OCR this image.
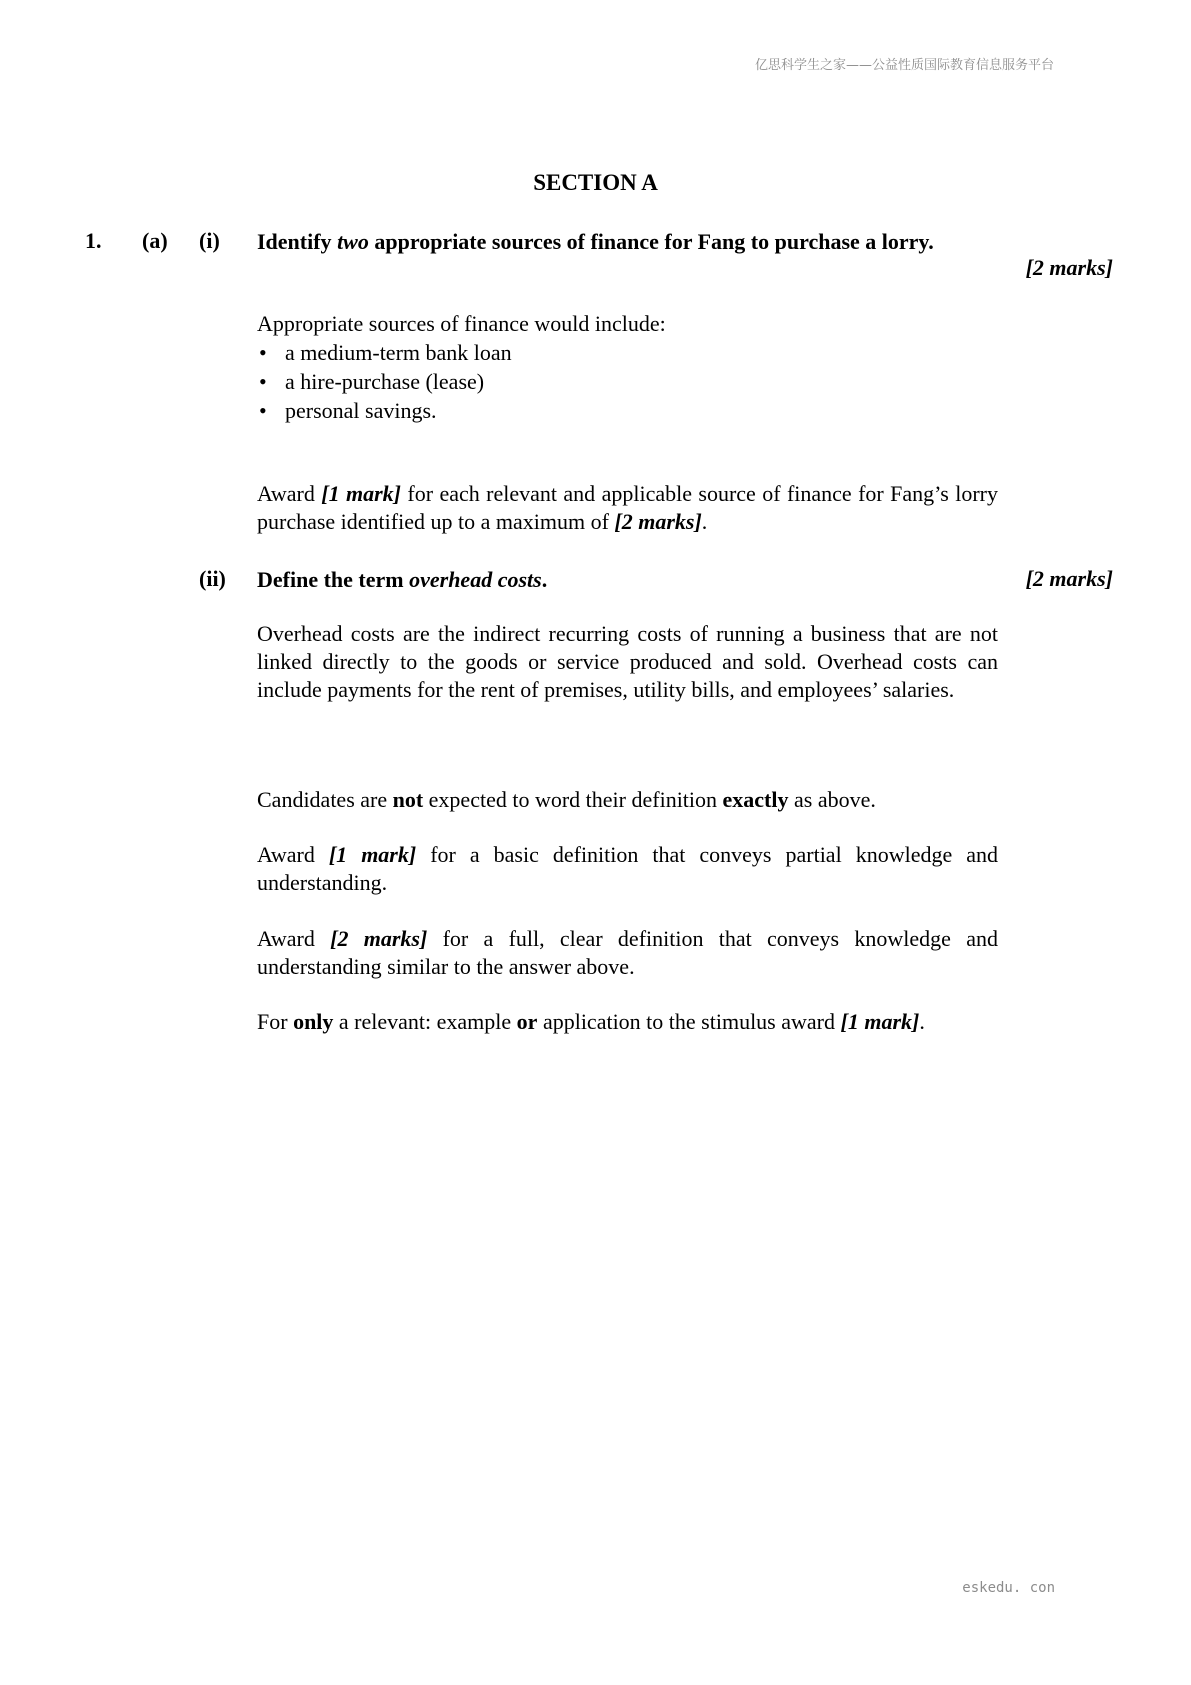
亿思科学生之家——公益性质国际教育信息服务平台
SECTION A
1. (a) (i) Identify two appropriate sources of finance for Fang to purchase a lorry.
[2 marks]

Appropriate sources of finance would include:

• a medium-term bank loan
• a hire-purchase (lease)
• personal savings.
Award [1 mark] for each relevant and applicable source of finance for Fang’s lorry purchase identified up to a maximum of [2 marks].
(ii) Define the term overhead costs.	[2 marks]
Overhead costs are the indirect recurring costs of running a business that are not linked directly to the goods or service produced and sold. Overhead costs can include payments for the rent of premises, utility bills, and employees’ salaries.
Candidates are not expected to word their definition exactly as above.
Award [1 mark] for a basic definition that conveys partial knowledge and understanding.
Award [2 marks] for a full, clear definition that conveys knowledge and understanding similar to the answer above.
For only a relevant: example or application to the stimulus award [1 mark].
eskedu. con
